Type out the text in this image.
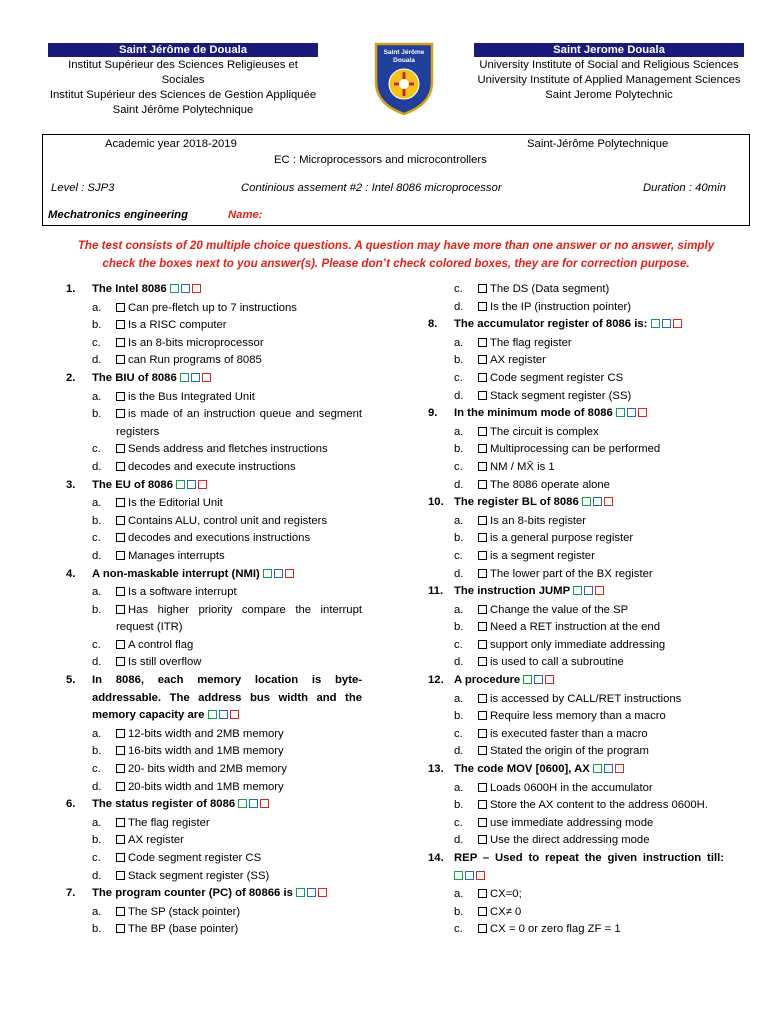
Saint Jérôme de Douala
Institut Supérieur des Sciences Religieuses et Sociales
Institut Supérieur des Sciences de Gestion Appliquée
Saint Jérôme Polytechnique
Saint Jérôme
Douala
Saint Jerome Douala
University Institute of Social and Religious Sciences
University Institute of Applied Management Sciences
Saint Jerome Polytechnic
Academic year 2018-2019	Saint-Jérôme Polytechnique
EC : Microprocessors and microcontrollers
Level : SJP3	Continious assement #2 : Intel 8086 microprocessor	Duration : 40min
Mechatronics engineering	Name:
The test consists of 20 multiple choice questions. A question may have more than one answer or no answer, simply
check the boxes next to you answer(s). Please don’t check colored boxes, they are for correction purpose.
1. The Intel 8086
a. Can pre-fletch up to 7 instructions
b. Is a RISC computer
c. Is an 8-bits microprocessor
d. can Run programs of 8085
2. The BIU of 8086
a. is the Bus Integrated Unit
b. is made of an instruction queue and segment registers
c. Sends address and fletches instructions
d. decodes and execute instructions
3. The EU of 8086
a. Is the Editorial Unit
b. Contains ALU, control unit and registers
c. decodes and executions instructions
d. Manages interrupts
4. A non-maskable interrupt (NMI)
a. Is a software interrupt
b. Has higher priority compare the interrupt request (ITR)
c. A control flag
d. Is still overflow
5. In 8086, each memory location is byte-addressable. The address bus width and the memory capacity are
a. 12-bits width and 2MB memory
b. 16-bits width and 1MB memory
c. 20- bits width and 2MB memory
d. 20-bits width and 1MB memory
6. The status register of 8086
a. The flag register
b. AX register
c. Code segment register CS
d. Stack segment register (SS)
7. The program counter (PC) of 80866 is
a. The SP (stack pointer)
b. The BP (base pointer)
c. The DS (Data segment)
d. Is the IP (instruction pointer)
8. The accumulator register of 8086 is:
a. The flag register
b. AX register
c. Code segment register CS
d. Stack segment register (SS)
9. In the minimum mode of 8086
a. The circuit is complex
b. Multiprocessing can be performed
c. NM / MX̄ is 1
d. The 8086 operate alone
10. The register BL of 8086
a. Is an 8-bits register
b. is a general purpose register
c. is a segment register
d. The lower part of the BX register
11. The instruction JUMP
a. Change the value of the SP
b. Need a RET instruction at the end
c. support only immediate addressing
d. is used to call a subroutine
12. A procedure
a. is accessed by CALL/RET instructions
b. Require less memory than a macro
c. is executed faster than a macro
d. Stated the origin of the program
13. The code MOV [0600], AX
a. Loads 0600H in the accumulator
b. Store the AX content to the address 0600H.
c. use immediate addressing mode
d. Use the direct addressing mode
14. REP – Used to repeat the given instruction till:
a. CX=0;
b. CX≠ 0
c. CX = 0 or zero flag ZF = 1
